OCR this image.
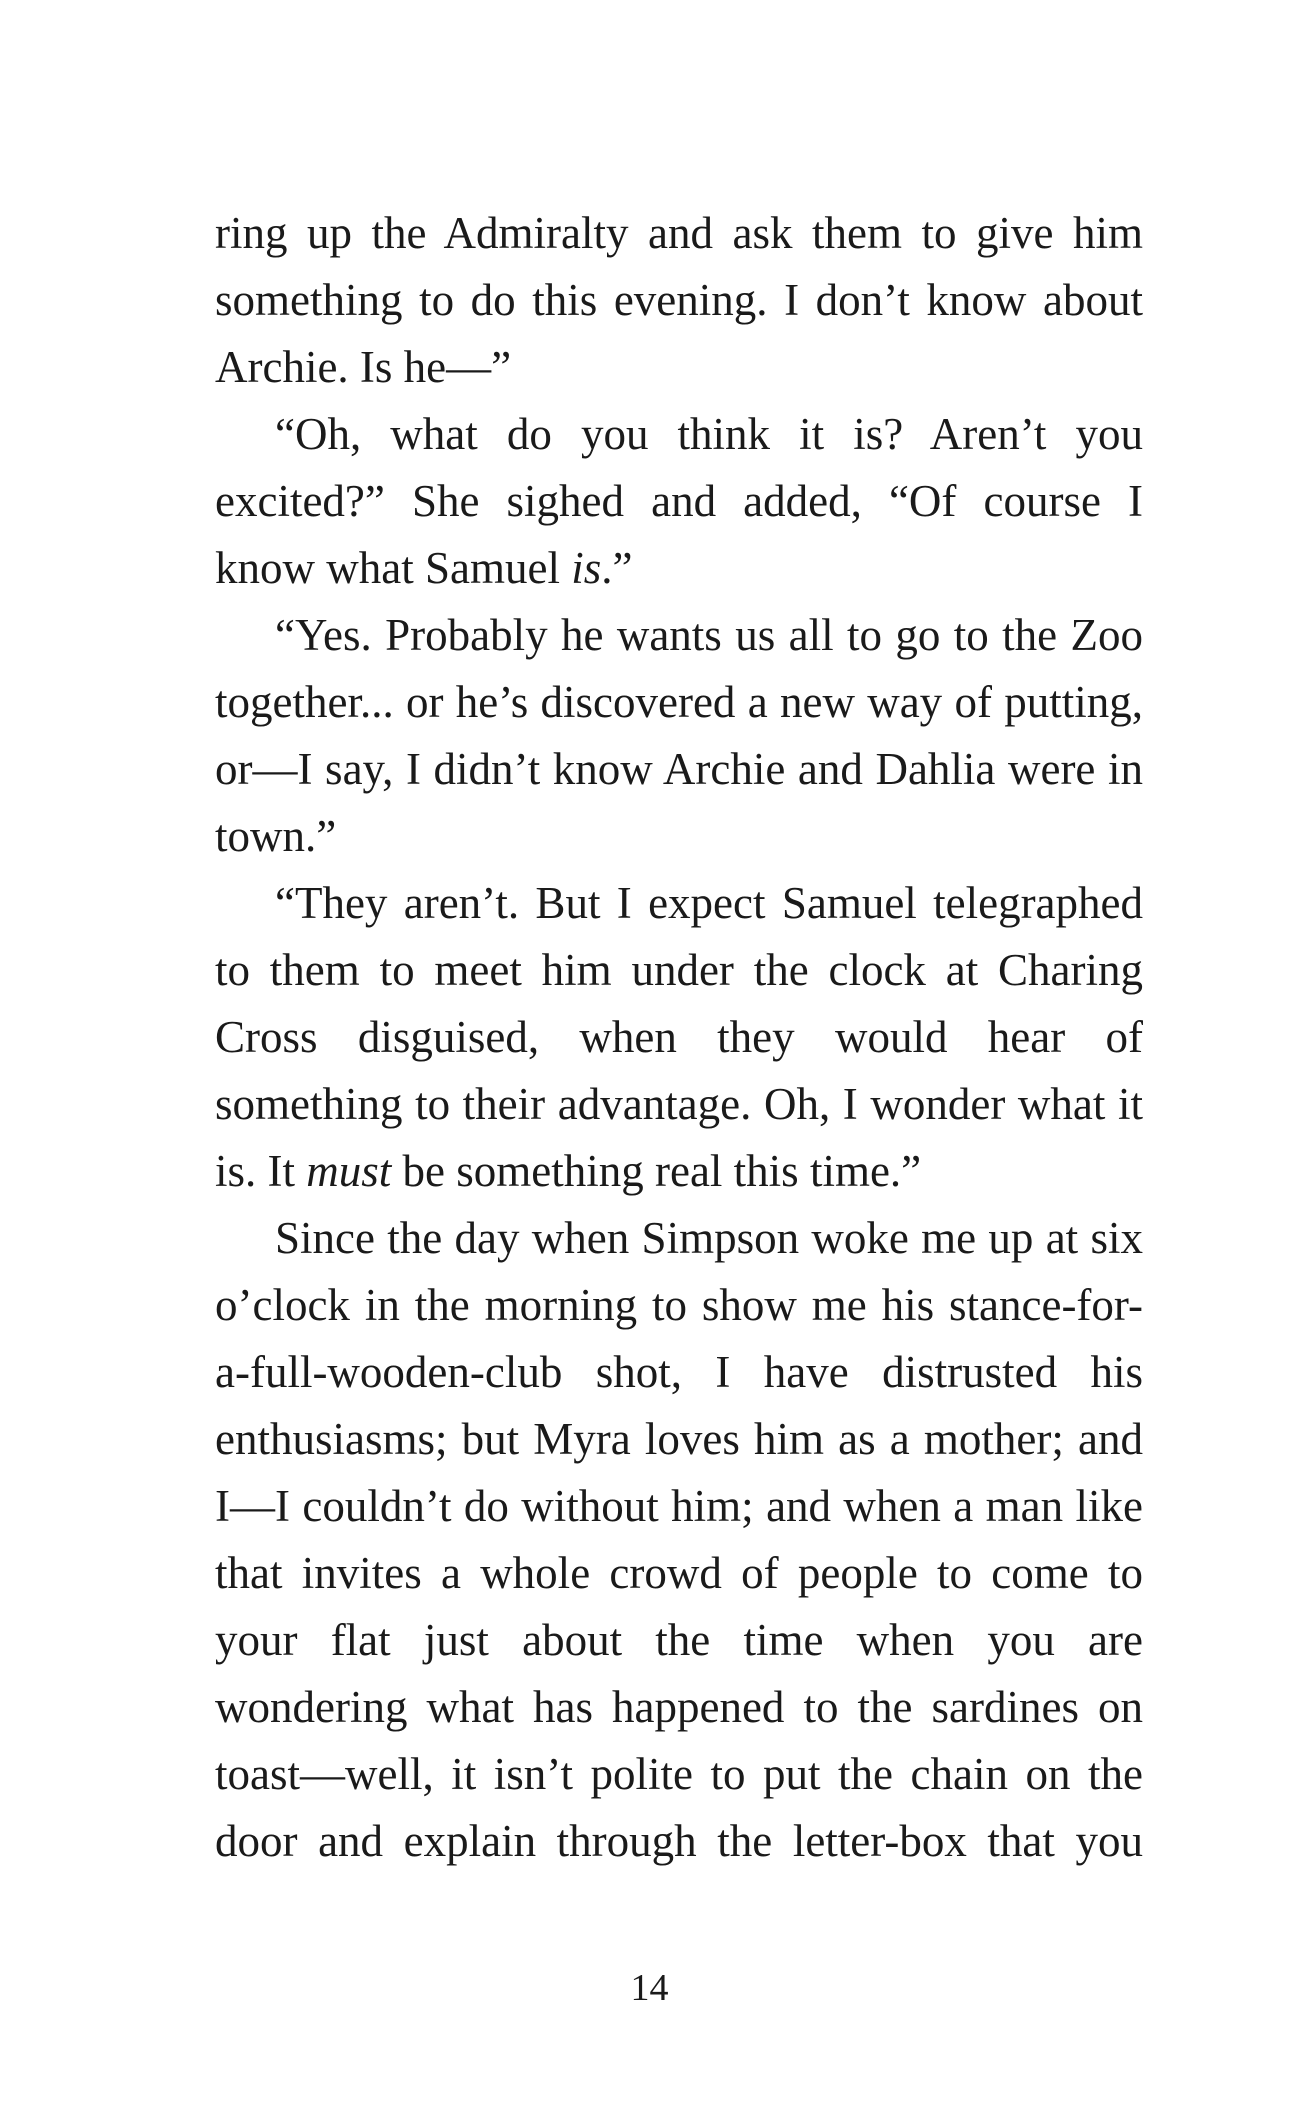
ring up the Admiralty and ask them to give him something to do this evening. I don’t know about Archie. Is he—”

“Oh, what do you think it is? Aren’t you excited?” She sighed and added, “Of course I know what Samuel is.”

“Yes. Probably he wants us all to go to the Zoo together... or he’s discovered a new way of putting, or—I say, I didn’t know Archie and Dahlia were in town.”

“They aren’t. But I expect Samuel telegraphed to them to meet him under the clock at Charing Cross disguised, when they would hear of something to their advantage. Oh, I wonder what it is. It must be something real this time.”

Since the day when Simpson woke me up at six o’clock in the morning to show me his stance-for-a-full-wooden-club shot, I have distrusted his enthusiasms; but Myra loves him as a mother; and I—I couldn’t do without him; and when a man like that invites a whole crowd of people to come to your flat just about the time when you are wondering what has happened to the sardines on toast—well, it isn’t polite to put the chain on the door and explain through the letter-box that you

14
